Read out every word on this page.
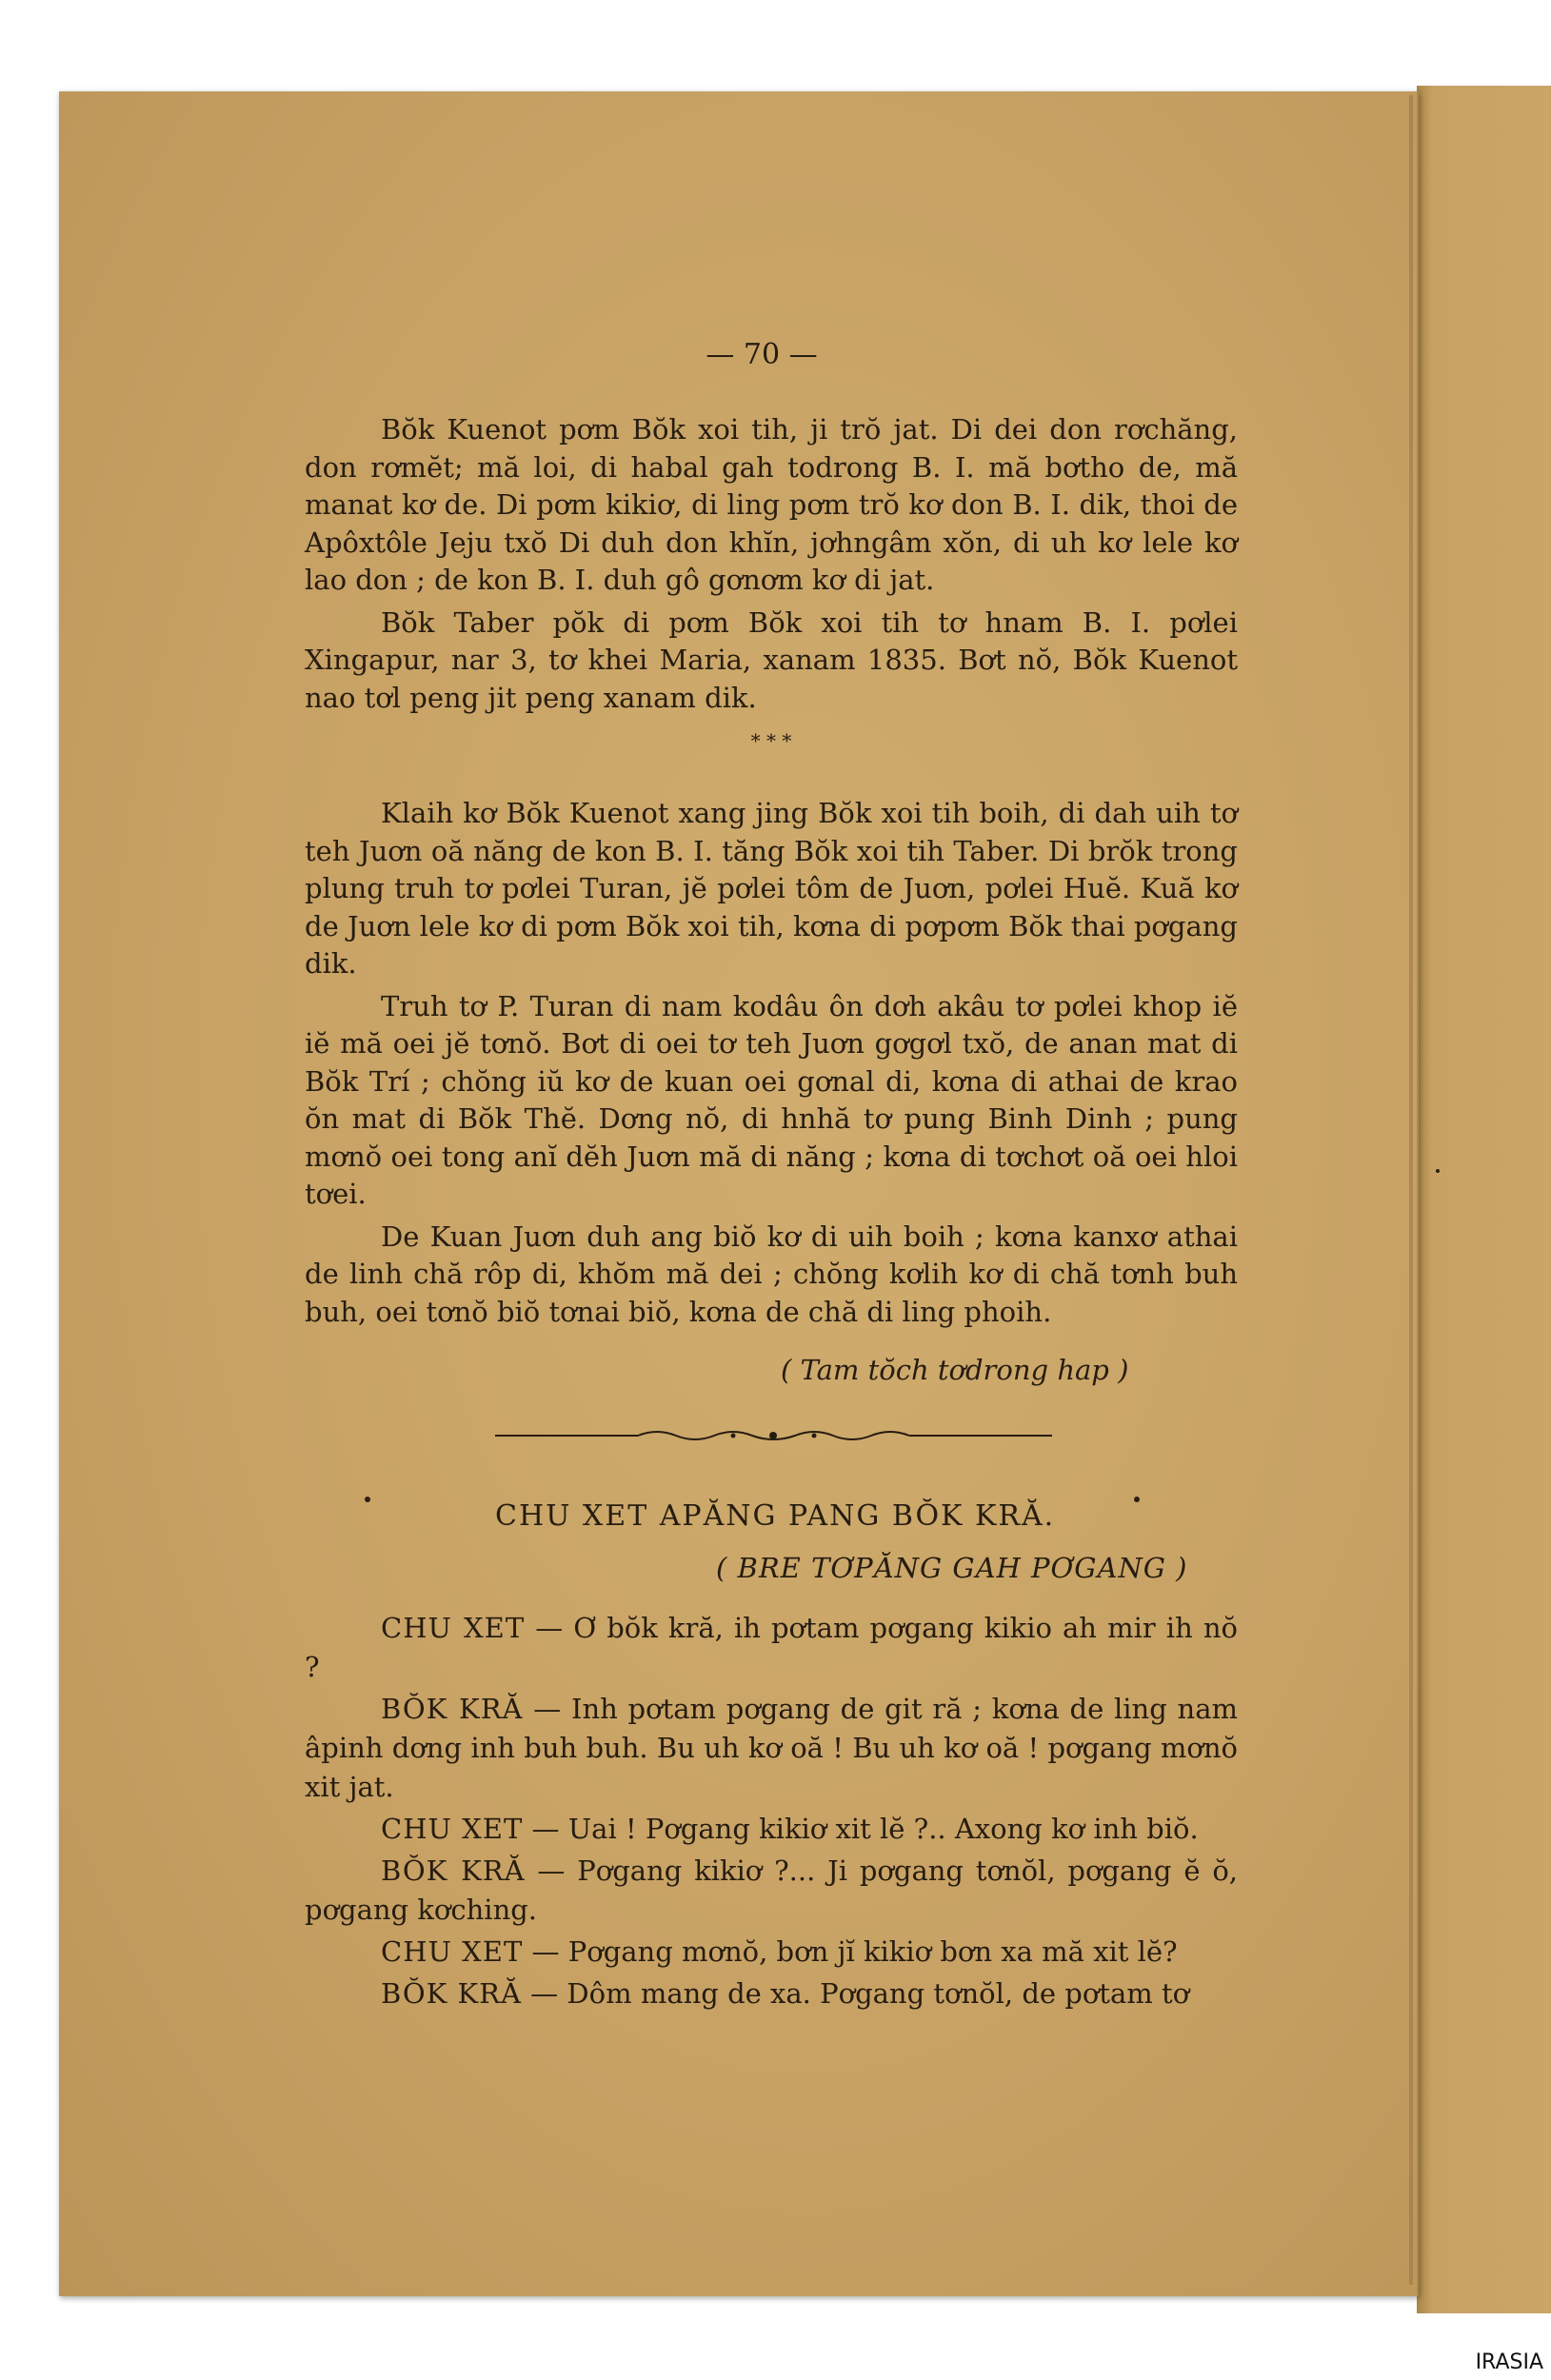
— 70 —

Bŏk Kuenot pơm Bŏk xoi tih, ji trŏ jat. Di dei don rơchăng, don rơmĕt; mă loi, di habal gah todrong B. I. mă bơtho de, mă manat kơ de. Di pơm kikiơ, di ling pơm trŏ kơ don B. I. dik, thoi de Apôxtôle Jeju txŏ Di duh don khĭn, jơhngâm xŏn, di uh kơ lele kơ lao don ; de kon B. I. duh gô gơnơm kơ di jat.

Bŏk Taber pŏk di pơm Bŏk xoi tih tơ hnam B. I. pơlei Xingapur, nar 3, tơ khei Maria, xanam 1835. Bơt nŏ, Bŏk Kuenot nao tơl peng jit peng xanam dik.

* * *

Klaih kơ Bŏk Kuenot xang jing Bŏk xoi tih boih, di dah uih tơ teh Juơn oă năng de kon B. I. tăng Bŏk xoi tih Taber. Di brŏk trong plung truh tơ pơlei Turan, jĕ pơlei tôm de Juơn, pơlei Huĕ. Kuă kơ de Juơn lele kơ di pơm Bŏk xoi tih, kơna di pơpơm Bŏk thai pơgang dik.

Truh tơ P. Turan di nam kodâu ôn dơh akâu tơ pơlei khop iĕ iĕ mă oei jĕ tơnŏ. Bơt di oei tơ teh Juơn gơgơl txŏ, de anan mat di Bŏk Trí ; chŏng iŭ kơ de kuan oei gơnal di, kơna di athai de krao ŏn mat di Bŏk Thĕ. Dơng nŏ, di hnhă tơ pung Binh Dinh ; pung mơnŏ oei tong anĭ dĕh Juơn mă di năng ; kơna di tơchơt oă oei hloi tơei.

De Kuan Juơn duh ang biŏ kơ di uih boih ; kơna kanxơ athai de linh chă rôp di, khŏm mă dei ; chŏng kơlih kơ di chă tơnh buh buh, oei tơnŏ biŏ tơnai biŏ, kơna de chă di ling phoih.

( Tam tŏch tơdrong hap )
CHU XET APĂNG PANG BŎK KRĂ.
( BRE TƠPĂNG GAH PƠGANG )

CHU XET — Ơ bŏk kră, ih pơtam pơgang kikio ah mir ih nŏ ?

BŎK KRĂ — Inh pơtam pơgang de git ră ; kơna de ling nam âpinh dơng inh buh buh. Bu uh kơ oă ! Bu uh kơ oă ! pơgang mơnŏ xit jat.

CHU XET — Uai ! Pơgang kikiơ xit lĕ ?.. Axong kơ inh biŏ.

BŎK KRĂ — Pơgang kikiơ ?... Ji pơgang tơnŏl, pơgang ĕ ŏ, pơgang kơching.

CHU XET — Pơgang mơnŏ, bơn jĭ kikiơ bơn xa mă xit lĕ?

BŎK KRĂ — Dôm mang de xa. Pơgang tơnŏl, de pơtam tơ

IRASIA
